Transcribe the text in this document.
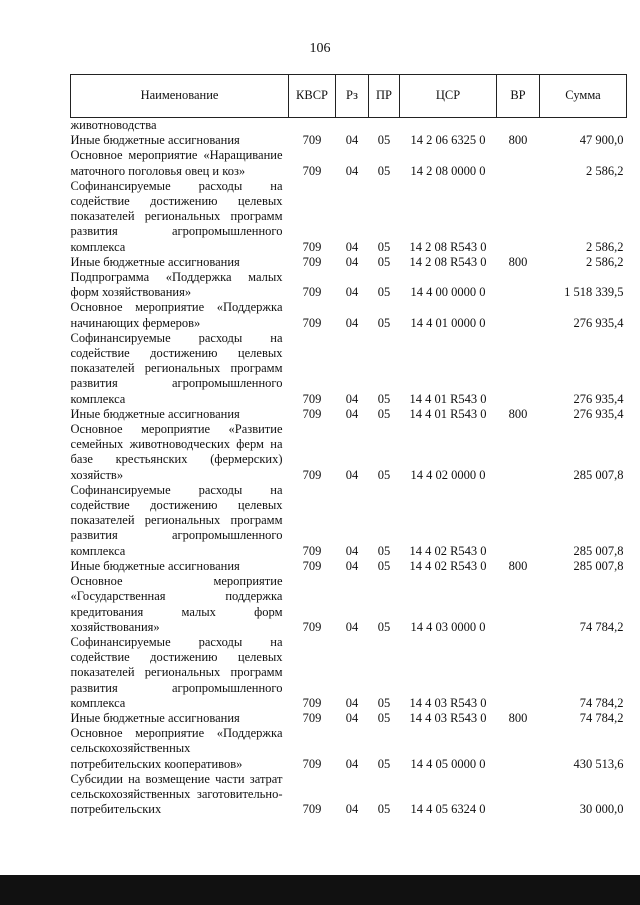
106
Наименование	КВСР	Рз	ПР	ЦСР	ВР	Сумма
животноводства						
Иные бюджетные ассигнования	709	04	05	14 2 06 6325 0	800	47 900,0
Основное мероприятие «Наращивание маточного поголовья овец и коз»	709	04	05	14 2 08 0000 0		2 586,2
Софинансируемые расходы на содействие достижению целевых показателей региональных программ развития агропромышленного комплекса	709	04	05	14 2 08 R543 0		2 586,2
Иные бюджетные ассигнования	709	04	05	14 2 08 R543 0	800	2 586,2
Подпрограмма «Поддержка малых форм хозяйствования»	709	04	05	14 4 00 0000 0		1 518 339,5
Основное мероприятие «Поддержка начинающих фермеров»	709	04	05	14 4 01 0000 0		276 935,4
Софинансируемые расходы на содействие достижению целевых показателей региональных программ развития агропромышленного комплекса	709	04	05	14 4 01 R543 0		276 935,4
Иные бюджетные ассигнования	709	04	05	14 4 01 R543 0	800	276 935,4
Основное мероприятие «Развитие семейных животноводческих ферм на базе крестьянских (фермерских) хозяйств»	709	04	05	14 4 02 0000 0		285 007,8
Софинансируемые расходы на содействие достижению целевых показателей региональных программ развития агропромышленного комплекса	709	04	05	14 4 02 R543 0		285 007,8
Иные бюджетные ассигнования	709	04	05	14 4 02 R543 0	800	285 007,8
Основное мероприятие «Государственная поддержка кредитования малых форм хозяйствования»	709	04	05	14 4 03 0000 0		74 784,2
Софинансируемые расходы на содействие достижению целевых показателей региональных программ развития агропромышленного комплекса	709	04	05	14 4 03 R543 0		74 784,2
Иные бюджетные ассигнования	709	04	05	14 4 03 R543 0	800	74 784,2
Основное мероприятие «Поддержка сельскохозяйственных потребительских кооперативов»	709	04	05	14 4 05 0000 0		430 513,6
Субсидии на возмещение части затрат сельскохозяйственных заготовительно-потребительских	709	04	05	14 4 05 6324 0		30 000,0
